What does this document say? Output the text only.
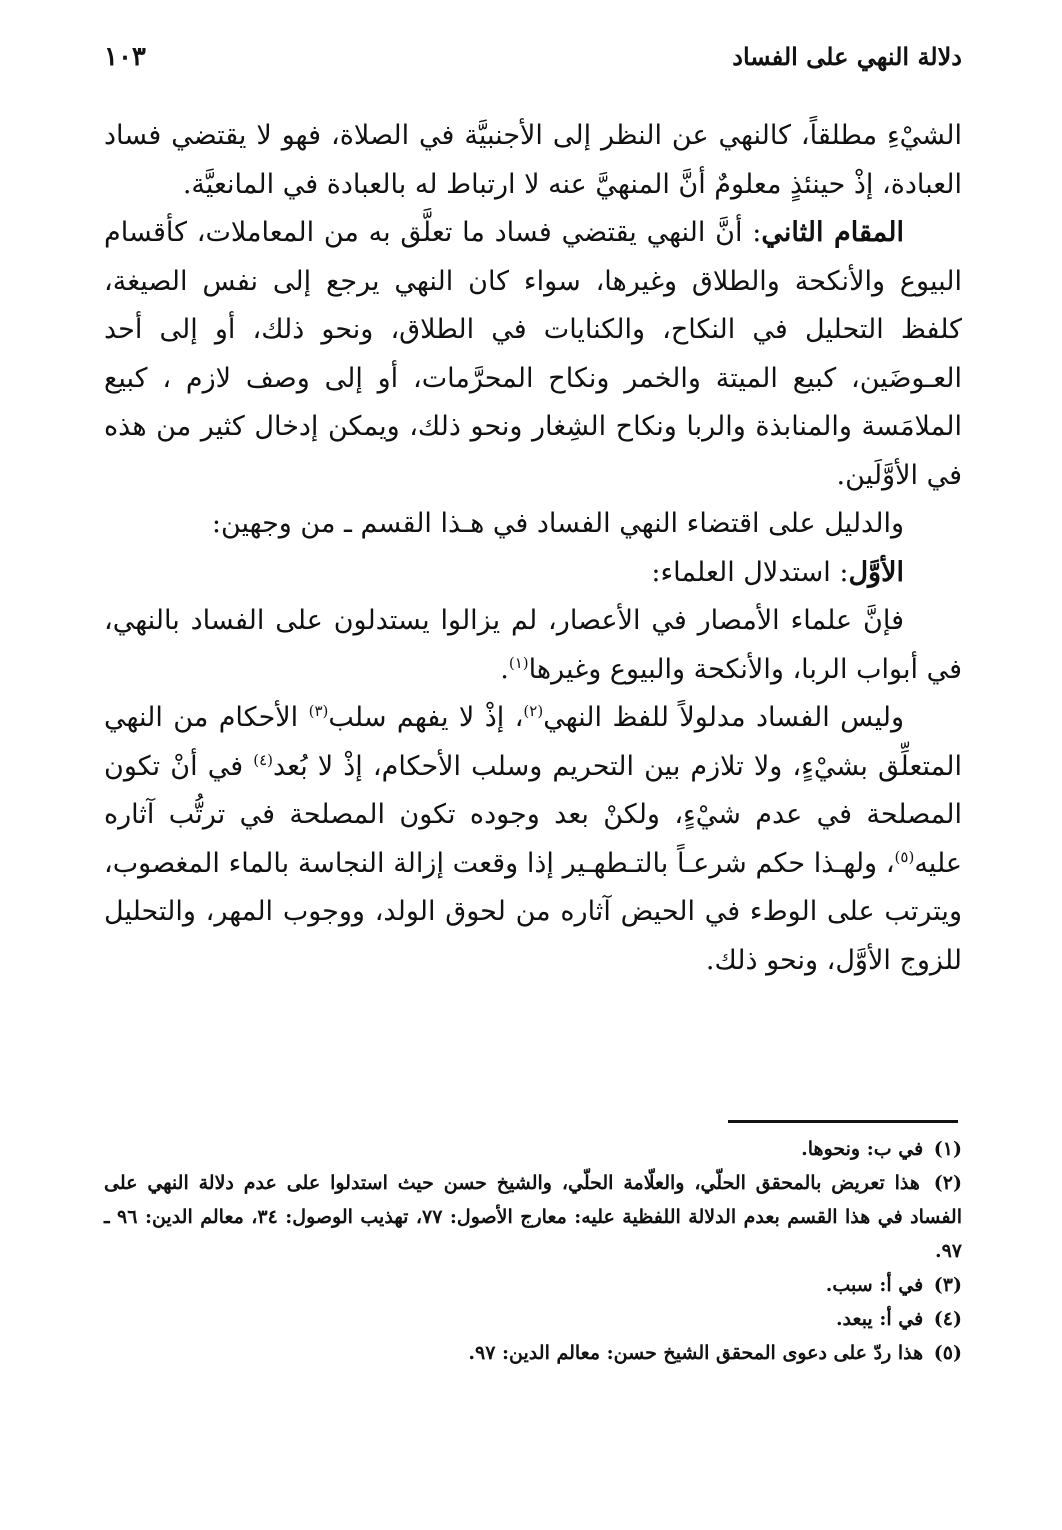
دلالة النهي على الفساد
١٠٣

الشيْءِ مطلقاً، كالنهي عن النظر إلى الأجنبيَّة في الصلاة، فهو لا يقتضي فساد العبادة، إذْ حينئذٍ معلومٌ أنَّ المنهيَّ عنه لا ارتباط له بالعبادة في المانعيَّة.

المقام الثاني: أنَّ النهي يقتضي فساد ما تعلَّق به من المعاملات، كأقسام البيوع والأنكحة والطلاق وغيرها، سواء كان النهي يرجع إلى نفس الصيغة، كلفظ التحليل في النكاح، والكنايات في الطلاق، ونحو ذلك، أو إلى أحد العـوضَين، كبيع الميتة والخمر ونكاح المحرَّمات، أو إلى وصف لازم ، كبيع الملامَسة والمنابذة والربا ونكاح الشِغار ونحو ذلك، ويمكن إدخال كثير من هذه في الأوَّلَين.

والدليل على اقتضاء النهي الفساد في هـذا القسم ـ من وجهين:

الأوَّل: استدلال العلماء:

فإنَّ علماء الأمصار في الأعصار، لم يزالوا يستدلون على الفساد بالنهي، في أبواب الربا، والأنكحة والبيوع وغيرها$^{(١)}$.

وليس الفساد مدلولاً للفظ النهي$^{(٢)}$، إذْ لا يفهم سلب$^{(٣)}$ الأحكام من النهي المتعلِّق بشيْءٍ، ولا تلازم بين التحريم وسلب الأحكام، إذْ لا بُعد$^{(٤)}$ في أنْ تكون المصلحة في عدم شيْءٍ، ولكنْ بعد وجوده تكون المصلحة في ترتُّب آثاره عليه$^{(٥)}$، ولهـذا حكم شرعـاً بالتـطهـير إذا وقعت إزالة النجاسة بالماء المغصوب، ويترتب على الوطء في الحيض آثاره من لحوق الولد، ووجوب المهر، والتحليل للزوج الأوَّل، ونحو ذلك.

(١) في ب: ونحوها.

(٢) هذا تعريض بالمحقق الحلّي، والعلّامة الحلّي، والشيخ حسن حيث استدلوا على عدم دلالة النهي على الفساد في هذا القسم بعدم الدلالة اللفظية عليه: معارج الأصول: ٧٧، تهذيب الوصول: ٣٤، معالم الدين: ٩٦ ـ ٩٧.

(٣) في أ: سبب.

(٤) في أ: يبعد.

(٥) هذا ردّ على دعوى المحقق الشيخ حسن: معالم الدين: ٩٧.
